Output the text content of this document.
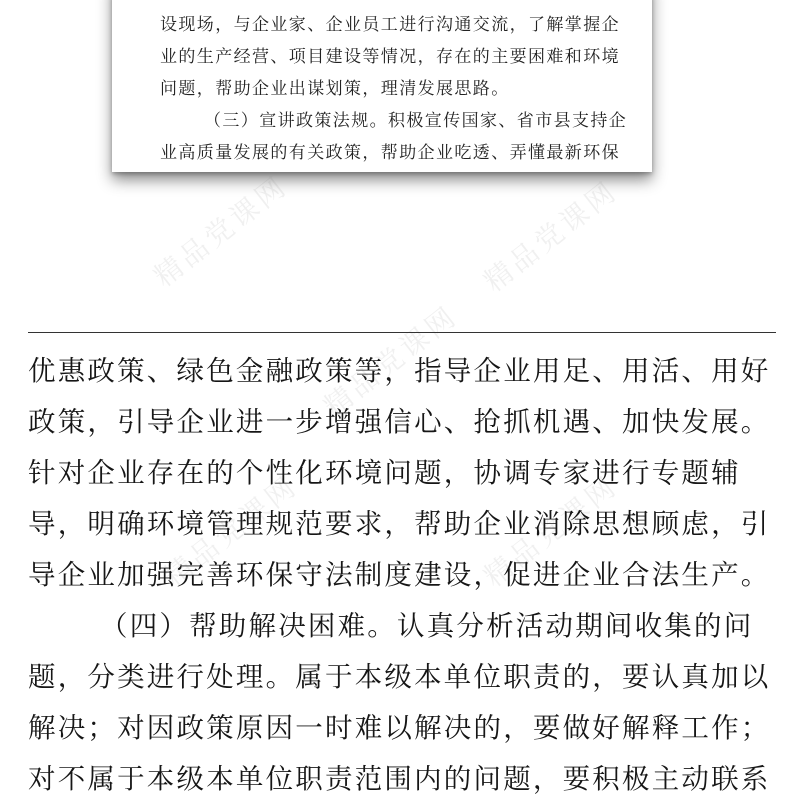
设现场，与企业家、企业员工进行沟通交流，了解掌握企
业的生产经营、项目建设等情况，存在的主要困难和环境
问题，帮助企业出谋划策，理清发展思路。
（三）宣讲政策法规。积极宣传国家、省市县支持企
业高质量发展的有关政策，帮助企业吃透、弄懂最新环保
精品党课网	精品党课网
精品党课网
精品党课网	精品党课网
优惠政策、绿色金融政策等，指导企业用足、用活、用好
政策，引导企业进一步增强信心、抢抓机遇、加快发展。
针对企业存在的个性化环境问题，协调专家进行专题辅
导，明确环境管理规范要求，帮助企业消除思想顾虑，引
导企业加强完善环保守法制度建设，促进企业合法生产。
（四）帮助解决困难。认真分析活动期间收集的问
题，分类进行处理。属于本级本单位职责的，要认真加以
解决；对因政策原因一时难以解决的，要做好解释工作；
对不属于本级本单位职责范围内的问题，要积极主动联系
